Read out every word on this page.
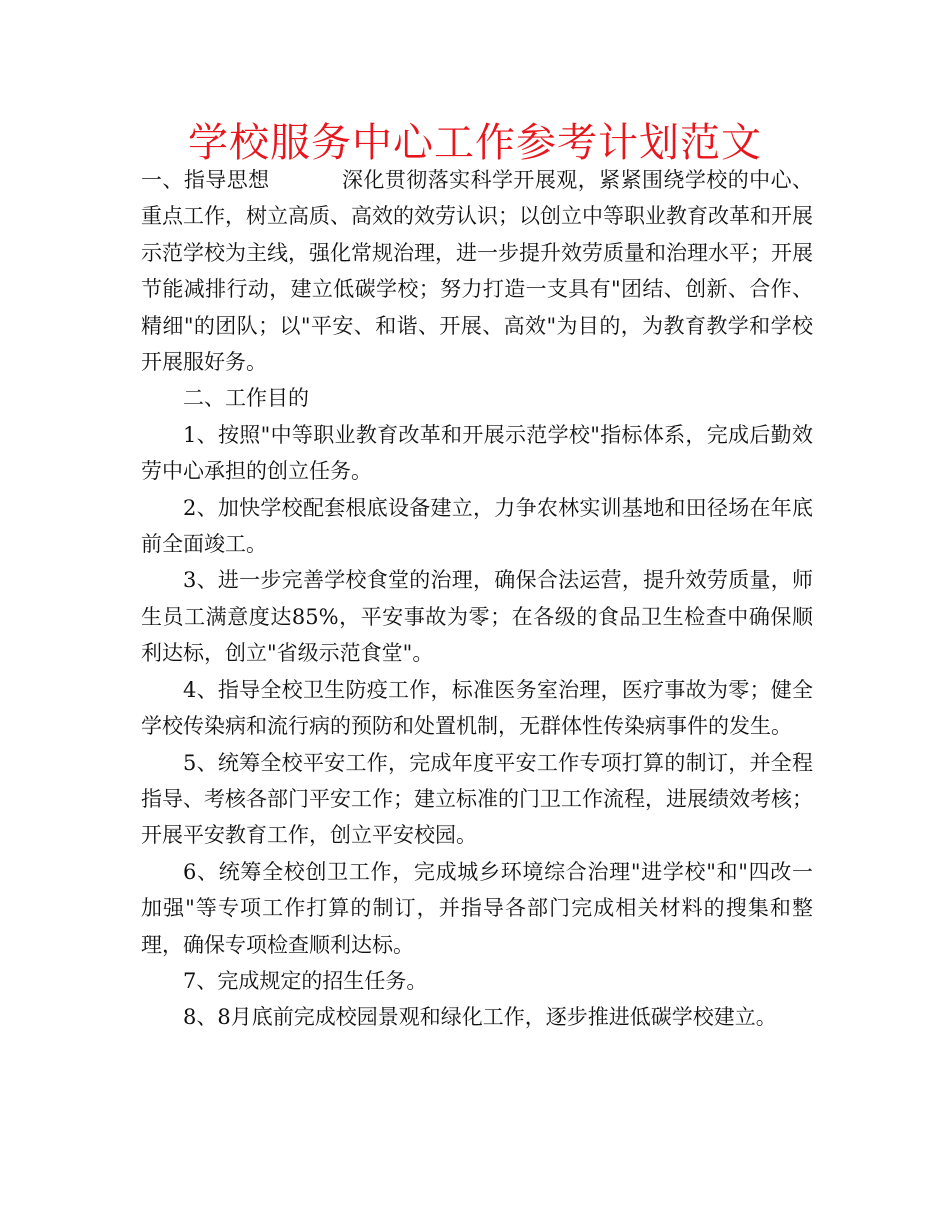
学校服务中心工作参考计划范文

一、指导思想	深化贯彻落实科学开展观，紧紧围绕学校的中心、重点工作，树立高质、高效的效劳认识；以创立中等职业教育改革和开展示范学校为主线，强化常规治理，进一步提升效劳质量和治理水平；开展节能减排行动，建立低碳学校；努力打造一支具有"团结、创新、合作、精细"的团队；以"平安、和谐、开展、高效"为目的，为教育教学和学校开展服好务。

二、工作目的

1、按照"中等职业教育改革和开展示范学校"指标体系，完成后勤效劳中心承担的创立任务。

2、加快学校配套根底设备建立，力争农林实训基地和田径场在年底前全面竣工。

3、进一步完善学校食堂的治理，确保合法运营，提升效劳质量，师生员工满意度达85%，平安事故为零；在各级的食品卫生检查中确保顺利达标，创立"省级示范食堂"。

4、指导全校卫生防疫工作，标准医务室治理，医疗事故为零；健全学校传染病和流行病的预防和处置机制，无群体性传染病事件的发生。

5、统筹全校平安工作，完成年度平安工作专项打算的制订，并全程指导、考核各部门平安工作；建立标准的门卫工作流程，进展绩效考核；开展平安教育工作，创立平安校园。

6、统筹全校创卫工作，完成城乡环境综合治理"进学校"和"四改一加强"等专项工作打算的制订，并指导各部门完成相关材料的搜集和整理，确保专项检查顺利达标。

7、完成规定的招生任务。

8、8月底前完成校园景观和绿化工作，逐步推进低碳学校建立。
